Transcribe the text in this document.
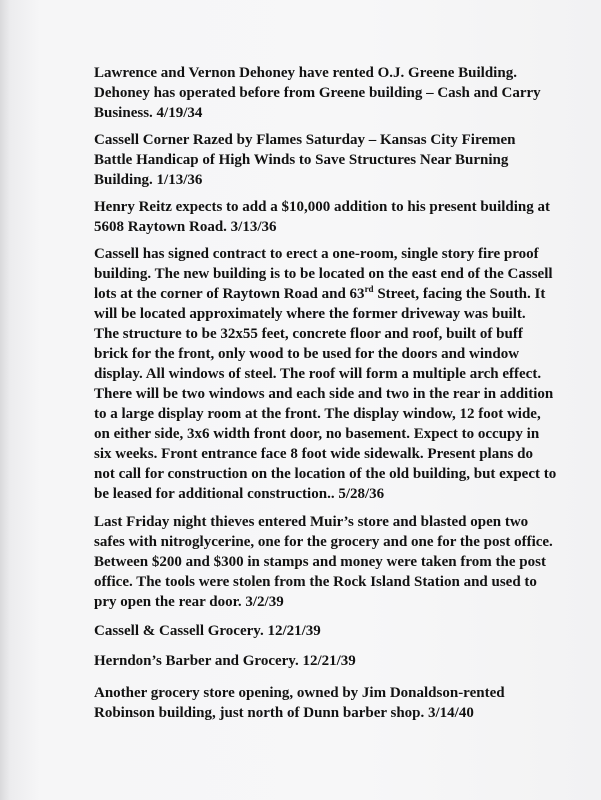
Lawrence and Vernon Dehoney have rented O.J. Greene Building.
Dehoney has operated before from Greene building – Cash and Carry
Business. 4/19/34
Cassell Corner Razed by Flames Saturday – Kansas City Firemen
Battle Handicap of High Winds to Save Structures Near Burning
Building. 1/13/36
Henry Reitz expects to add a $10,000 addition to his present building at
5608 Raytown Road. 3/13/36
Cassell has signed contract to erect a one-room, single story fire proof
building. The new building is to be located on the east end of the Cassell
lots at the corner of Raytown Road and 63rd Street, facing the South. It
will be located approximately where the former driveway was built.
The structure to be 32x55 feet, concrete floor and roof, built of buff
brick for the front, only wood to be used for the doors and window
display. All windows of steel. The roof will form a multiple arch effect.
There will be two windows and each side and two in the rear in addition
to a large display room at the front. The display window, 12 foot wide,
on either side, 3x6 width front door, no basement. Expect to occupy in
six weeks. Front entrance face 8 foot wide sidewalk. Present plans do
not call for construction on the location of the old building, but expect to
be leased for additional construction.. 5/28/36
Last Friday night thieves entered Muir’s store and blasted open two
safes with nitroglycerine, one for the grocery and one for the post office.
Between $200 and $300 in stamps and money were taken from the post
office. The tools were stolen from the Rock Island Station and used to
pry open the rear door. 3/2/39
Cassell & Cassell Grocery. 12/21/39
Herndon’s Barber and Grocery. 12/21/39
Another grocery store opening, owned by Jim Donaldson-rented
Robinson building, just north of Dunn barber shop. 3/14/40
